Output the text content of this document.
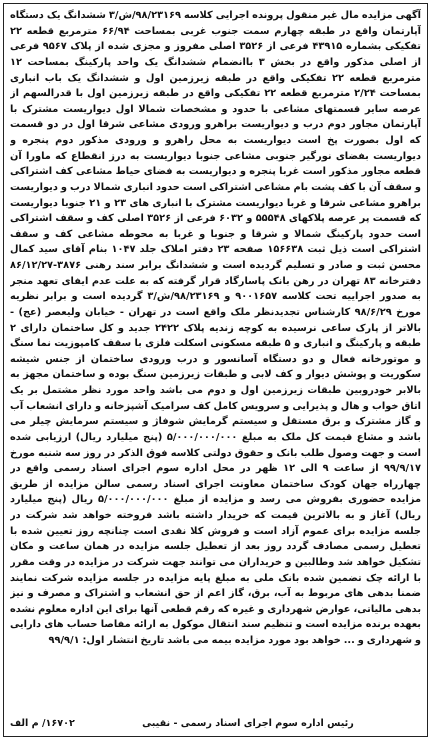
آگهی مزایده مال غیر منقول پرونده اجرایی کلاسه ۹۸/۲۳۱۶۹/ش/۳ ششدانگ یک دستگاه آپارتمان واقع در طبقه چهارم سمت جنوب غربی بمساحت ۶۶/۹۴ مترمربع قطعه ۲۲ تفکیکی بشماره ۴۳۹۱۵ فرعی از ۳۵۲۶ اصلی مفروز و مجزی شده از پلاک ۹۵۶۷ فرعی از اصلی مذکور واقع در بخش ۳ باانضمام ششدانگ یک واحد پارکینگ بمساحت ۱۲ مترمربع قطعه ۲۲ تفکیکی واقع در طبقه زیرزمین اول و ششدانگ یک باب انباری بمساحت ۲/۲۴ مترمربع قطعه ۲۲ تفکیکی واقع در طبقه زیرزمین اول با قدرالسهم از عرصه سایر قسمتهای مشاعی با حدود و مشخصات شمالا اول دیواریست مشترک با آپارتمان مجاور دوم درب و دیواریست براهرو ورودی مشاعی شرقا اول در دو قسمت که اول بصورت پخ است دیواریست به محل راهرو و ورودی مذکور دوم پنجره و دیواریست بفضای نورگیر جنوبی مشاعی جنوبا دیواریست به درز انقطاع که ماورا آن قطعه مجاور مذکور است غربا پنجره و دیواریست به فضای حیاط مشاعی کف اشتراکی و سقف آن با کف پشت بام مشاعی اشتراکی است حدود انباری شمالا درب و دیواریست براهرو مشاعی شرقا و غربا دیواریست مشترک با انباری های ۲۳ و ۲۱ جنوبا دیواریست که قسمت پر عرصه پلاکهای ۵۵۵۴۸ و ۶۰۳۲ فرعی از ۳۵۲۶ اصلی کف و سقف اشتراکی است حدود پارکینگ شمالا و شرقا و جنوبا و غربا به محوطه مشاعی کف و سقف اشتراکی است ذیل ثبت ۱۵۶۶۳۸ صفحه ۲۳ دفتر املاک جلد ۱۰۴۷ بنام آقای سید کمال محسن ثبت و صادر و تسلیم گردیده است و ششدانگ برابر سند رهنی ۳۸۷۶-۸۶/۱۲/۲۷ دفترخانه ۸۳ تهران در رهن بانک پاسارگاد قرار گرفته که به علت عدم ایفای تعهد منجر به صدور اجراییه تحت کلاسه ۹۰۰۱۶۵۷ و ۹۸/۲۳۱۶۹/ش/۳ گردیده است و برابر نظریه مورخ ۹۸/۶/۲۹ کارشناس تجدیدنظر ملک واقع است در تهران - خیابان ولیعصر (عج) - بالاتر از پارک ساعی نرسیده به کوچه زندیه پلاک ۲۴۲۲ جدید و کل ساختمان دارای ۲ طبقه و پارکینگ و انباری و ۵ طبقه مسکونی اسکلت فلزی با سقف کامپوزیت نما سنگ و موتورخانه فعال و دو دستگاه آسانسور و درب ورودی ساختمان از جنس شیشه سکوریت و پوشش دیوار و کف لابی و طبقات زیرزمین سنگ بوده و ساختمان مجهز به بالابر خودروبین طبقات زیرزمین اول و دوم می باشد واحد مورد نظر مشتمل بر یک اتاق خواب و هال و پذیرایی و سرویس کامل کف سرامیک آشپزخانه و دارای انشعاب آب و گاز مشترک و برق مستقل و سیستم گرمایش شوفاژ و سیستم سرمایش چیلر می باشد و مشاع قیمت کل ملک به مبلغ ۵/۰۰۰/۰۰۰/۰۰۰ (پنج میلیارد ریال) ارزیابی شده است و جهت وصول طلب بانک و حقوق دولتی کلاسه فوق الذکر در روز سه شنبه مورخ ۹۹/۹/۱۷ از ساعت ۹ الی ۱۲ ظهر در محل اداره سوم اجرای اسناد رسمی واقع در چهارراه جهان کودک ساختمان معاونت اجرای اسناد رسمی سالن مزایده از طریق مزایده حضوری بفروش می رسد و مزایده از مبلغ ۵/۰۰۰/۰۰۰/۰۰۰ ریال (پنج میلیارد ریال) آغاز و به بالاترین قیمت که خریدار داشته باشد فروخته خواهد شد شرکت در جلسه مزایده برای عموم آزاد است و فروش کلا نقدی است چنانچه روز تعیین شده با تعطیل رسمی مصادف گردد روز بعد از تعطیل جلسه مزایده در همان ساعت و مکان تشکیل خواهد شد وطالبین و خریداران می توانند جهت شرکت در مزایده در وقت مقرر با ارائه چک تضمین شده بانک ملی به مبلغ پایه مزایده در جلسه مزایده شرکت نمایند ضمنا بدهی های مربوط به آب، برق، گاز اعم از حق انشعاب و اشتراک و مصرف و نیز بدهی مالیاتی، عوارض شهرداری و غیره که رقم قطعی آنها برای این اداره معلوم نشده بعهده برنده مزایده است و تنظیم سند انتقال موکول به ارائه مفاصا حساب های دارایی و شهرداری و ... خواهد بود مورد مزایده بیمه می باشد تاریخ انتشار اول: ۹۹/۹/۱

رئیس اداره سوم اجرای اسناد رسمی - نقیبی
۱۶۷۰۲/ م الف
